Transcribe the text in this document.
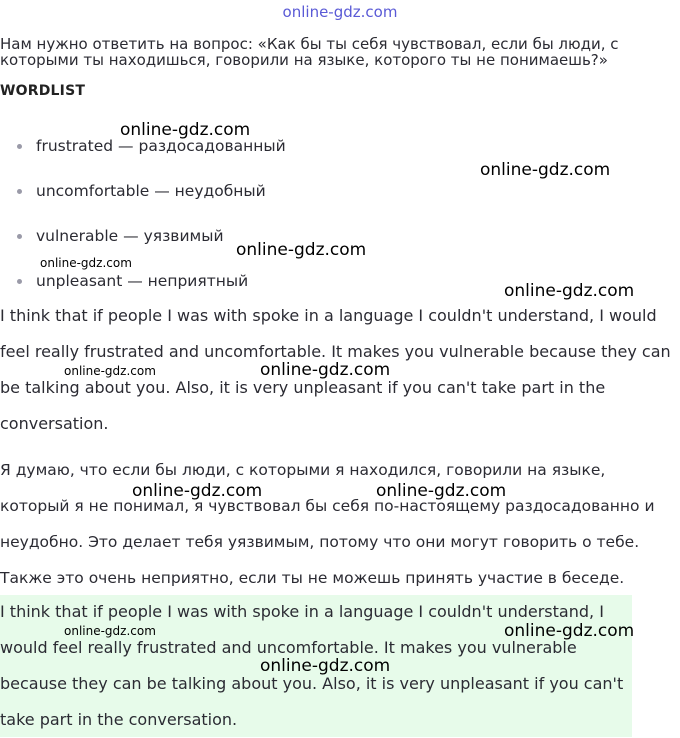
online-gdz.com
Нам нужно ответить на вопрос: «Как бы ты себя чувствовал, если бы люди, с
которыми ты находишься, говорили на языке, которого ты не понимаешь?»
WORDLIST
frustrated — раздосадованный
uncomfortable — неудобный
vulnerable — уязвимый
unpleasant — неприятный

I think that if people I was with spoke in a language I couldn't understand, I would feel really frustrated and uncomfortable. It makes you vulnerable because they can be talking about you. Also, it is very unpleasant if you can't take part in the conversation.

Я думаю, что если бы люди, с которыми я находился, говорили на языке, который я не понимал, я чувствовал бы себя по-настоящему раздосадованно и неудобно. Это делает тебя уязвимым, потому что они могут говорить о тебе. Также это очень неприятно, если ты не можешь принять участие в беседе.

I think that if people I was with spoke in a language I couldn't understand, I would feel really frustrated and uncomfortable. It makes you vulnerable because they can be talking about you. Also, it is very unpleasant if you can't take part in the conversation.

online-gdz.com
online-gdz.com
online-gdz.com
online-gdz.com
online-gdz.com
online-gdz.com	online-gdz.com
online-gdz.com	online-gdz.com
online-gdz.com	online-gdz.com
online-gdz.com
